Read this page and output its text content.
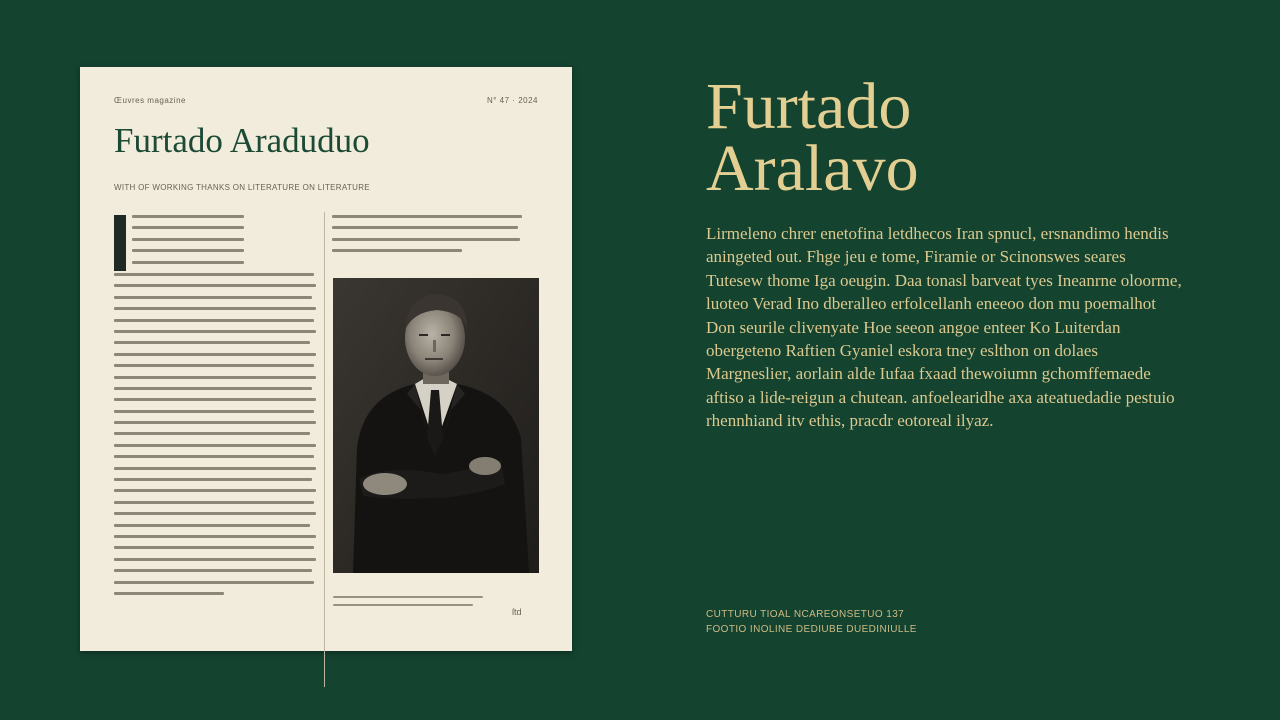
Œuvres magazine	N° 47 · 2024
Furtado Araduduo
WITH OF WORKING THANKS ON LITERATURE ON LITERATURE
ſtd
Furtado
Aralavo
Lirmeleno chrer enetofina letdhecos Iran spnucl, ersnandimo hendis aningeted out. Fhge jeu e tome, Firamie or Scinonswes seares Tutesew thome Iga oeugin. Daa tonasl barveat tyes Ineanrne oloorme, luoteo Verad Ino dberalleo erfolcellanh eneeoo don mu poemalhot Don seurile clivenyate Hoe seeon angoe enteer Ko Luiterdan obergeteno Raftien Gyaniel eskora tney eslthon on dolaes Margneslier, aorlain alde Iufaa fxaad thewoiumn gchomffemaede aftiso a lide-reigun a chutean. anfoelearidhe axa ateatuedadie pestuio rhennhiand itv ethis, pracdr eotoreal ilyaz.
CUTTURU TIOAL NCAREONSETUO 137
FOOTIO INOLINE DEDIUBE DUEDINIULLE
